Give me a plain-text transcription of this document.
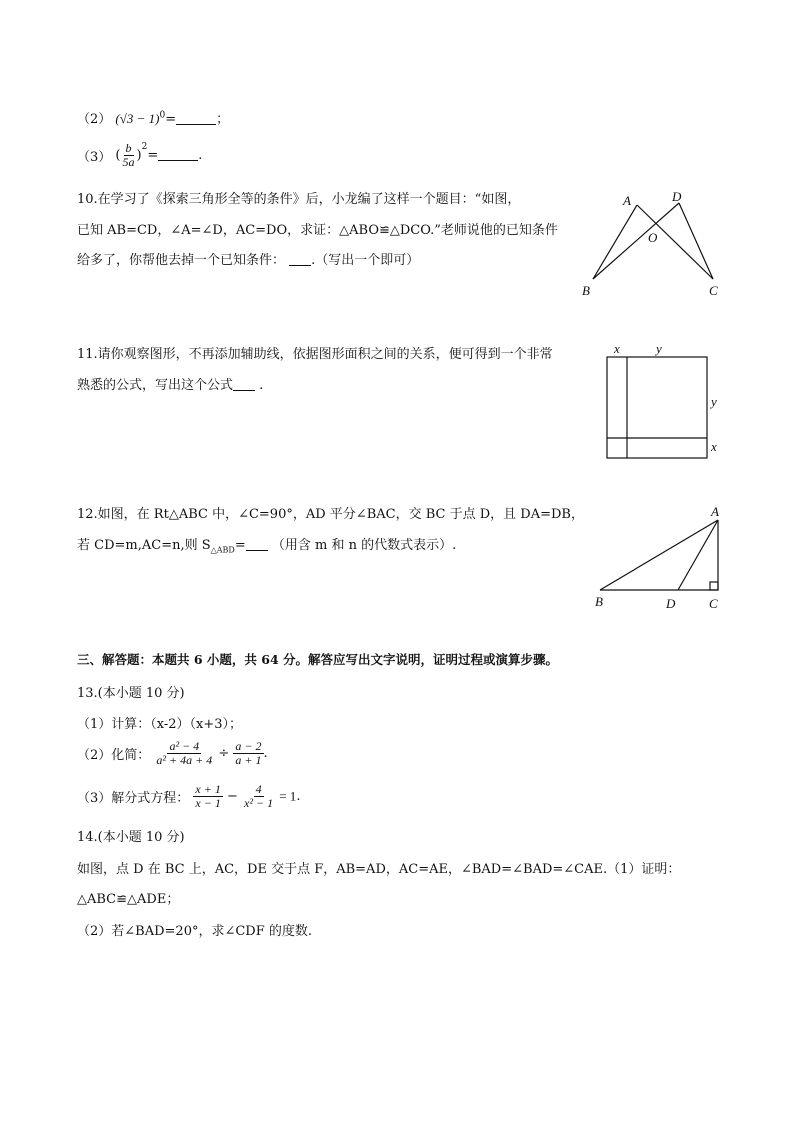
（2） $(√3 - 1)^0=$	；
（3） ( $\frac{b}{5a} )^2=$	.
10.在学习了《探索三角形全等的条件》后，小龙编了这样一个题目：“如图，
已知 AB=CD，∠A=∠D，AC=DO，求证：△ABO≌△DCO.”老师说他的已知条件
给多了，你帮他去掉一个已知条件： .（写出一个即可）
A	D
O
B	C
11.请你观察图形，不再添加辅助线，依据图形面积之间的关系，便可得到一个非常
熟悉的公式，写出这个公式 .
x	y
y
x
12.如图，在 Rt△ABC 中，∠C=90°，AD 平分∠BAC，交 BC 于点 D，且 DA=DB，
若 CD=m,AC=n,则 $S_{\triangle ABD}=$ （用含 m 和 n 的代数式表示）.
A
B	D	C
三、解答题：本题共 6 小题，共 64 分。解答应写出文字说明，证明过程或演算步骤。
13.(本小题 10 分)
（1）计算：（x-2）（x+3）；
（2）化简： $\frac{\text{a² − 4}}{\text{a² + 4a + 4}} \div \frac{a - 2}{a + 1}$ .
（3）解分式方程： $\frac{x + 1}{x - 1} - \frac{4}{\text{x² − 1}} = 1$.
14.(本小题 10 分)
如图，点 D 在 BC 上，AC，DE 交于点 F，AB=AD，AC=AE，∠BAD=∠BAD=∠CAE.（1）证明：
△ABC≌△ADE；
（2）若∠BAD=20°，求∠CDF 的度数.
